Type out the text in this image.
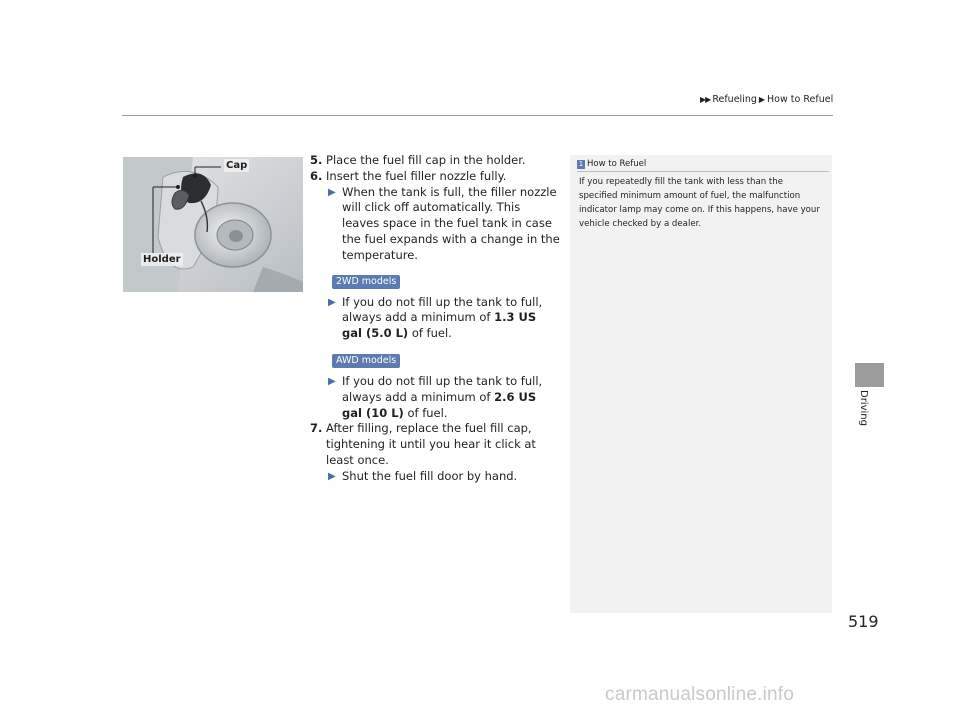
▶▶ Refueling ▶ How to Refuel
Driving
Cap
Holder
5. Place the fuel fill cap in the holder.
6. Insert the fuel filler nozzle fully.
▶ When the tank is full, the filler nozzle will click off automatically. This leaves space in the fuel tank in case the fuel expands with a change in the temperature.
2WD models
▶ If you do not fill up the tank to full, always add a minimum of 1.3 US gal (5.0 L) of fuel.
AWD models
▶ If you do not fill up the tank to full, always add a minimum of 2.6 US gal (10 L) of fuel.
7. After filling, replace the fuel fill cap, tightening it until you hear it click at least once.
▶ Shut the fuel fill door by hand.
1 How to Refuel
If you repeatedly fill the tank with less than the specified minimum amount of fuel, the malfunction indicator lamp may come on. If this happens, have your vehicle checked by a dealer.
519
carmanualsonline.info
